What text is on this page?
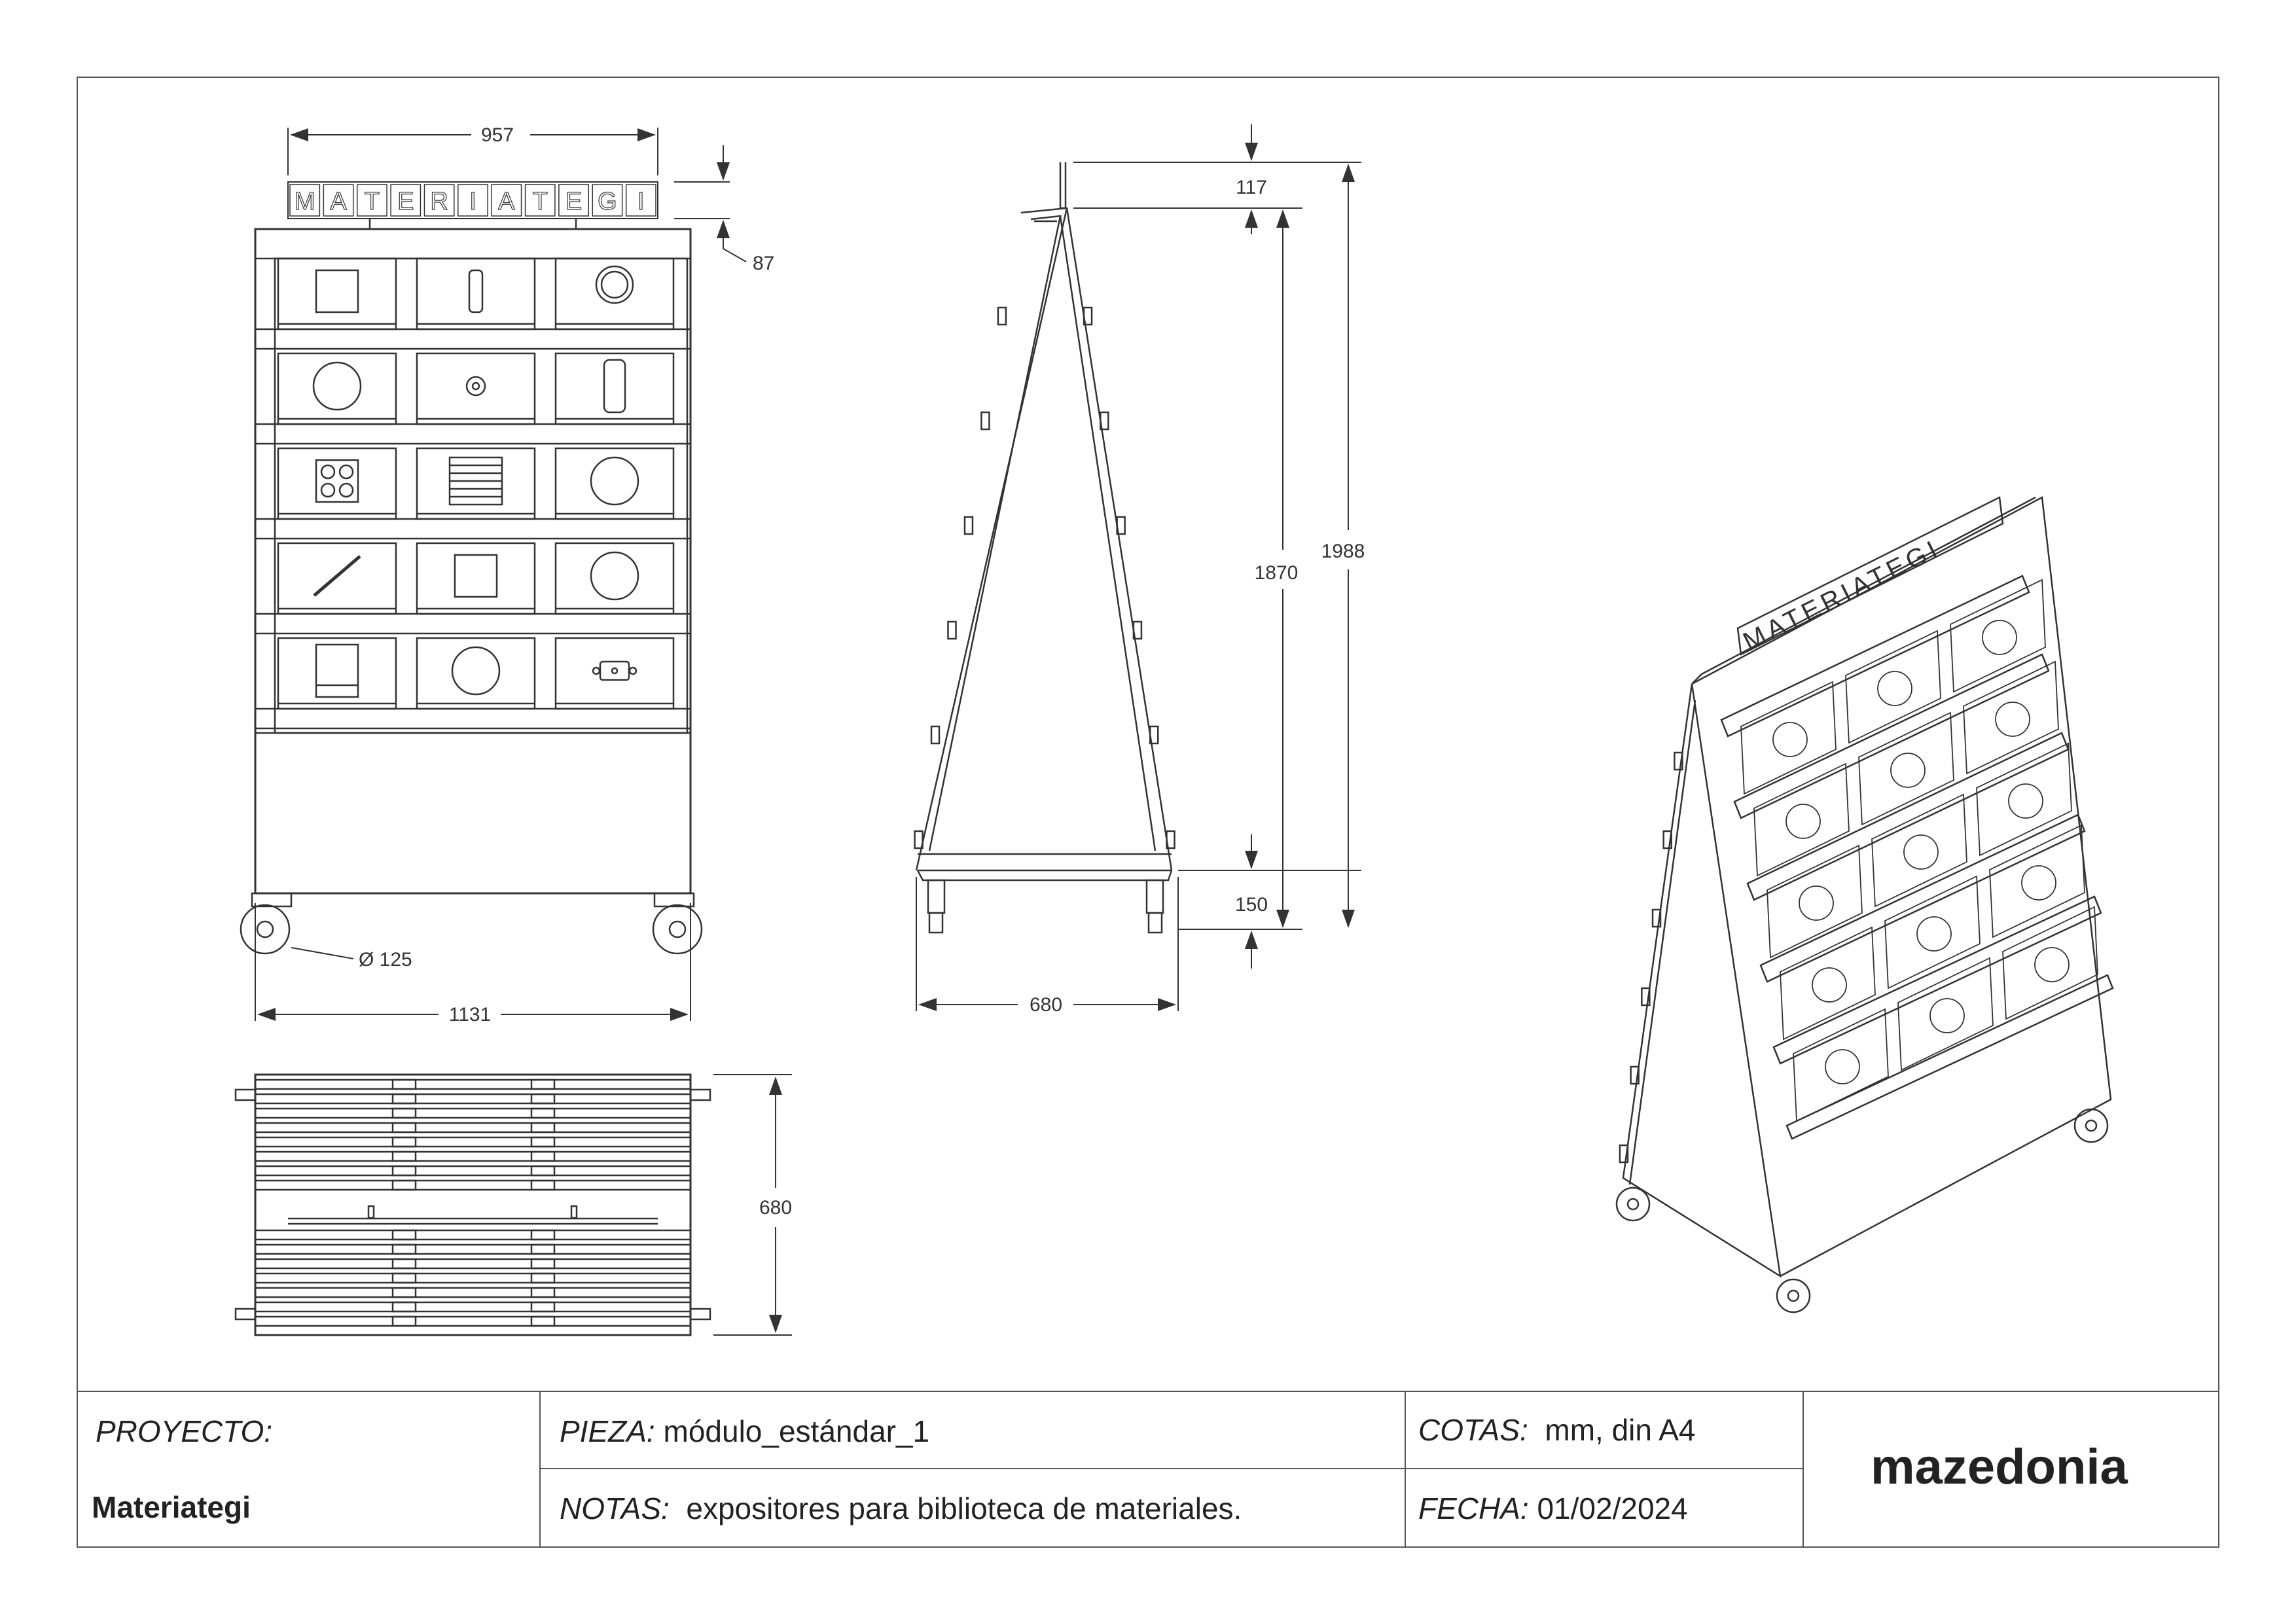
M A T E R I A T E G I
957
87
Ø 125
1131
117
1870
1988
150
680
680
MATERIATEGI
PROYECTO:
Materiategi
PIEZA: módulo_estándar_1
NOTAS: expositores para biblioteca de materiales.
COTAS: mm, din A4
FECHA: 01/02/2024
mazedonia
